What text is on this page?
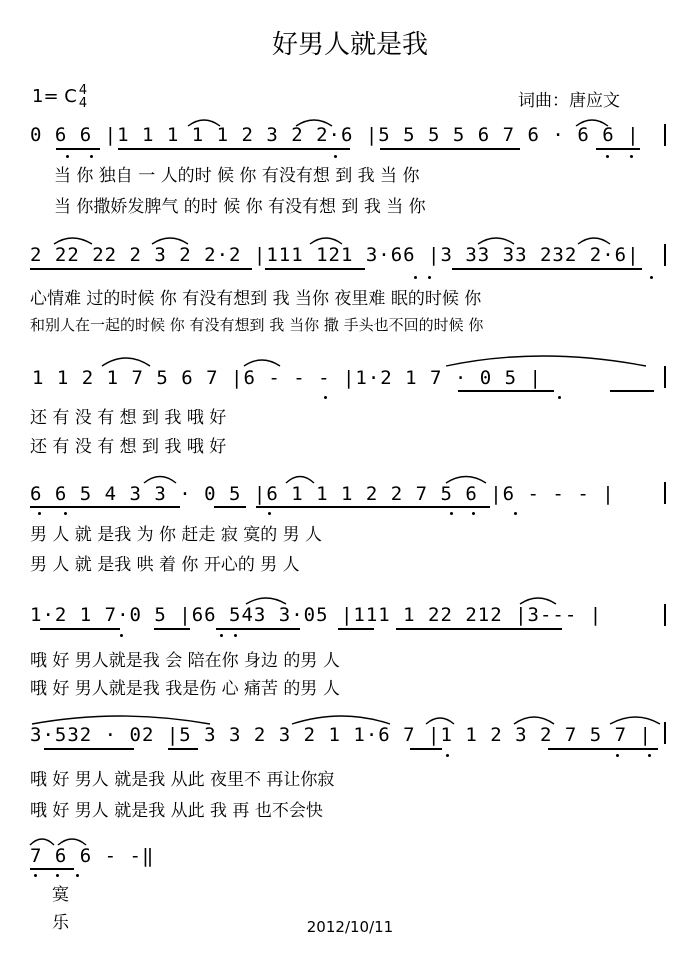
好男人就是我
1= C 4
4	词曲：唐应文
0 6 6 |1 1 1 1 1 2 3 2 2·6 |5 5 5 5 6 7 6 · 6 6 |
当 你 独自 一 人的时 候 你 有没有想 到 我 当 你
当 你撒娇发脾气 的时 候 你 有没有想 到 我 当 你
2 22 22 2 3 2 2·2 |111 121 3·66 |3 33 33 232 2·6|
心情难 过的时候 你 有没有想到 我 当你 夜里难 眠的时候 你
和别人在一起的时候 你 有没有想到 我 当你 撒 手头也不回的时候 你
1 1 2 1 7 5 6 7 |6 - - - |1·2 1 7 · 0 5 |
还 有 没 有 想 到 我 哦 好
还 有 没 有 想 到 我 哦 好
6 6 5 4 3 3 · 0 5 |6 1 1 1 2 2 7 5 6 |6 - - - |
男 人 就 是我 为 你 赶走 寂 寞的 男 人
男 人 就 是我 哄 着 你 开心的 男 人
1·2 1 7·0 5 |66 543 3·05 |111 1 22 212 |3--- |
哦 好 男人就是我 会 陪在你 身边 的男 人
哦 好 男人就是我 我是伤 心 痛苦 的男 人
3·532 · 02 |5 3 3 2 3 2 1 1·6 7 |1 1 2 3 2 7 5 7 |
哦 好 男人 就是我 从此 夜里不 再让你寂
哦 好 男人 就是我 从此 我 再 也不会快
7 6 6 - -‖
寞
乐	2012/10/11
